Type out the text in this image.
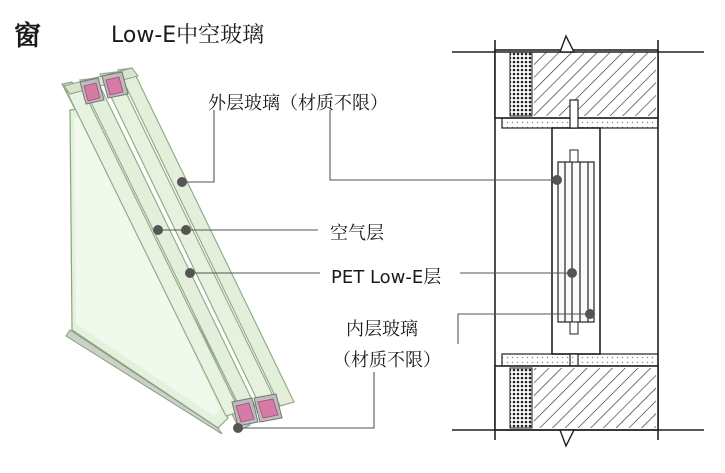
窗	Low-E中空玻璃
外层玻璃（材质不限）
空气层
PET Low-E层
内层玻璃
（材质不限）
